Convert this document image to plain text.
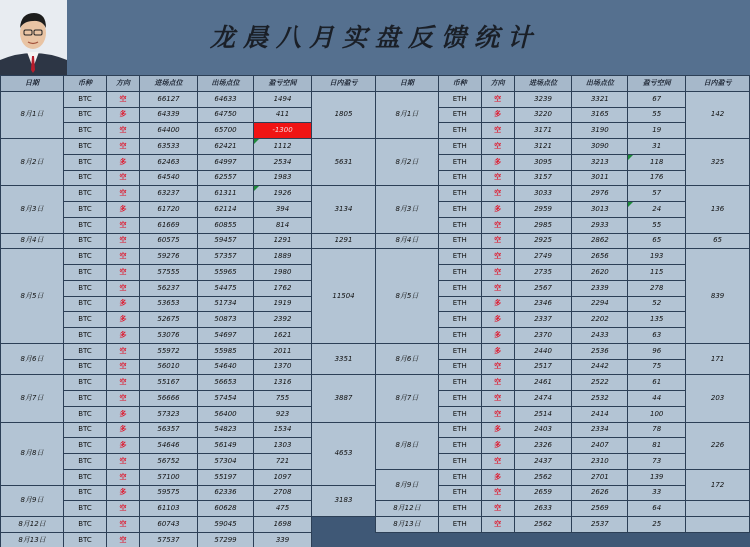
龙晨八月实盘反馈统计
日期	币种	方向	进场点位	出场点位	盈亏空间	日内盈亏
8月1日	BTC	空	66127	64633	1494	1805
	BTC	多	64339	64750	411	
	BTC	空	64400	65700	-1300	
8月2日	BTC	空	63533	62421	1112	5631
	BTC	多	62463	64997	2534	
	BTC	空	64540	62557	1983	
8月3日	BTC	空	63237	61311	1926	3134
	BTC	多	61720	62114	394	
	BTC	空	61669	60855	814	
8月4日	BTC	空	60575	59457	1291	1291
8月5日	BTC	空	59276	57357	1889	11504
	BTC	空	57555	55965	1980	
	BTC	空	56237	54475	1762	
	BTC	多	53653	51734	1919	
	BTC	多	52675	50873	2392	
	BTC	多	53076	54697	1621	
8月6日	BTC	空	55972	55985	2011	3351
	BTC	空	56010	54640	1370	
8月7日	BTC	空	55167	56653	1316	3887
	BTC	空	56666	57454	755	
	BTC	多	57323	56400	923	
8月8日	BTC	多	56357	54823	1534	4653
	BTC	多	54646	56149	1303	
	BTC	空	56752	57304	721	
	BTC	空	57100	55197	1097	
8月9日	BTC	多	59575	62336	2708	3183
	BTC	空	61103	60628	475	
8月12日	BTC	空	60743	59045	1698	
8月13日	BTC	空	57537	57299	339	
日期	币种	方向	进场点位	出场点位	盈亏空间	日内盈亏
8月1日	ETH	空	3239	3321	67	142
	ETH	多	3220	3165	55	
	ETH	空	3171	3190	19	
8月2日	ETH	空	3121	3090	31	325
	ETH	多	3095	3213	118	
	ETH	空	3157	3011	176	
8月3日	ETH	空	3033	2976	57	136
	ETH	多	2959	3013	24	
	ETH	空	2985	2933	55	
8月4日	ETH	空	2925	2862	65	65
8月5日	ETH	空	2749	2656	193	839
	ETH	空	2735	2620	115	
	ETH	空	2567	2339	278	
	ETH	多	2346	2294	52	
	ETH	多	2337	2202	135	
	ETH	多	2370	2433	63	
8月6日	ETH	多	2440	2536	96	171
	ETH	空	2517	2442	75	
8月7日	ETH	空	2461	2522	61	203
	ETH	空	2474	2532	44	
	ETH	空	2514	2414	100	
8月8日	ETH	多	2403	2334	78	226
	ETH	多	2326	2407	81	
	ETH	空	2437	2310	73	
8月9日	ETH	多	2562	2701	139	172
	ETH	空	2659	2626	33	
8月12日	ETH	空	2633	2569	64	
8月13日	ETH	空	2562	2537	25	
